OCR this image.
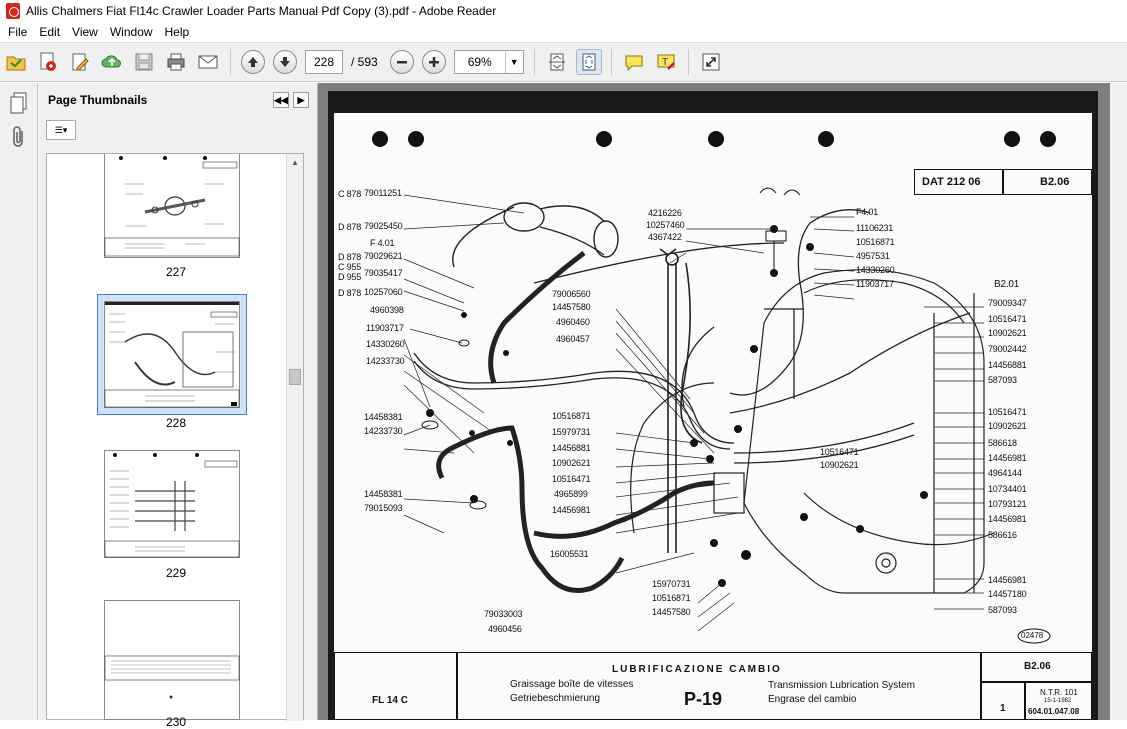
Allis Chalmers Fiat Fl14c Crawler Loader Parts Manual Pdf Copy (3).pdf - Adobe Reader
File	Edit	View	Window	Help
228
/ 593
69%	▼	T
Page Thumbnails	◀◀ ▶
☰▾
227
228
229
230
▲
DAT 212 06	B2.06
C 878 79011251
D 878 79025450
F 4.01
D 878 79029621
C 955
D 955 79035417
D 878 10257060
4960398
11903717
14330260
14233730
14458381
14233730
14458381
79015093
4216226
10257460
4367422
79006560
14457580
4960460
4960457
10516871
15979731
14456881
10902621
10516471
4965899
14456981
16005531
15970731
10516871
14457580
79033003
4960456
F4.01
11106231
10516871
4957531
14330260
11903717	B2.01
79009347
10516471
10902621
79002442
14456881
587093
10516471
10902621
586618
14456981
4964144
10734401
10793121
14456981
586616
14456981
14457180
587093
10516471
10902621
02478
FL 14 C
LUBRIFICAZIONE CAMBIO
Graissage boîte de vitesses
Getriebeschmierung
Transmission Lubrication System
Engrase del cambio
P-19
B2.06
1
N.T.R. 101
15-1-1982
604.01.047.08
